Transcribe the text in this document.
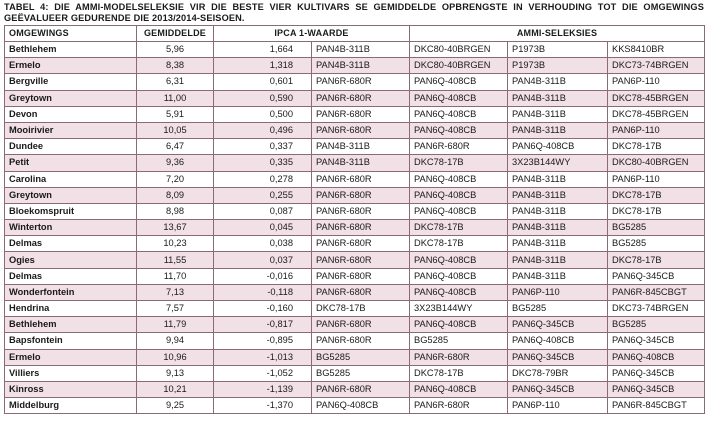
TABEL 4: DIE AMMI-MODELSELEKSIE VIR DIE BESTE VIER KULTIVARS SE GEMIDDELDE OPBRENGSTE IN VERHOUDING TOT DIE OMGEWINGS GEËVALUEER GEDURENDE DIE 2013/2014-SEISOEN.
OMGEWINGS	GEMIDDELDE	IPCA 1-WAARDE		AMMI-SELEKSIES		
Bethlehem	5,96	1,664	PAN4B-311B	DKC80-40BRGEN	P1973B	KKS8410BR
Ermelo	8,38	1,318	PAN4B-311B	DKC80-40BRGEN	P1973B	DKC73-74BRGEN
Bergville	6,31	0,601	PAN6R-680R	PAN6Q-408CB	PAN4B-311B	PAN6P-110
Greytown	11,00	0,590	PAN6R-680R	PAN6Q-408CB	PAN4B-311B	DKC78-45BRGEN
Devon	5,91	0,500	PAN6R-680R	PAN6Q-408CB	PAN4B-311B	DKC78-45BRGEN
Mooirivier	10,05	0,496	PAN6R-680R	PAN6Q-408CB	PAN4B-311B	PAN6P-110
Dundee	6,47	0,337	PAN4B-311B	PAN6R-680R	PAN6Q-408CB	DKC78-17B
Petit	9,36	0,335	PAN4B-311B	DKC78-17B	3X23B144WY	DKC80-40BRGEN
Carolina	7,20	0,278	PAN6R-680R	PAN6Q-408CB	PAN4B-311B	PAN6P-110
Greytown	8,09	0,255	PAN6R-680R	PAN6Q-408CB	PAN4B-311B	DKC78-17B
Bloekomspruit	8,98	0,087	PAN6R-680R	PAN6Q-408CB	PAN4B-311B	DKC78-17B
Winterton	13,67	0,045	PAN6R-680R	DKC78-17B	PAN4B-311B	BG5285
Delmas	10,23	0,038	PAN6R-680R	DKC78-17B	PAN4B-311B	BG5285
Ogies	11,55	0,037	PAN6R-680R	PAN6Q-408CB	PAN4B-311B	DKC78-17B
Delmas	11,70	-0,016	PAN6R-680R	PAN6Q-408CB	PAN4B-311B	PAN6Q-345CB
Wonderfontein	7,13	-0,118	PAN6R-680R	PAN6Q-408CB	PAN6P-110	PAN6R-845CBGT
Hendrina	7,57	-0,160	DKC78-17B	3X23B144WY	BG5285	DKC73-74BRGEN
Bethlehem	11,79	-0,817	PAN6R-680R	PAN6Q-408CB	PAN6Q-345CB	BG5285
Bapsfontein	9,94	-0,895	PAN6R-680R	BG5285	PAN6Q-408CB	PAN6Q-345CB
Ermelo	10,96	-1,013	BG5285	PAN6R-680R	PAN6Q-345CB	PAN6Q-408CB
Villiers	9,13	-1,052	BG5285	DKC78-17B	DKC78-79BR	PAN6Q-345CB
Kinross	10,21	-1,139	PAN6R-680R	PAN6Q-408CB	PAN6Q-345CB	PAN6Q-345CB
Middelburg	9,25	-1,370	PAN6Q-408CB	PAN6R-680R	PAN6P-110	PAN6R-845CBGT
